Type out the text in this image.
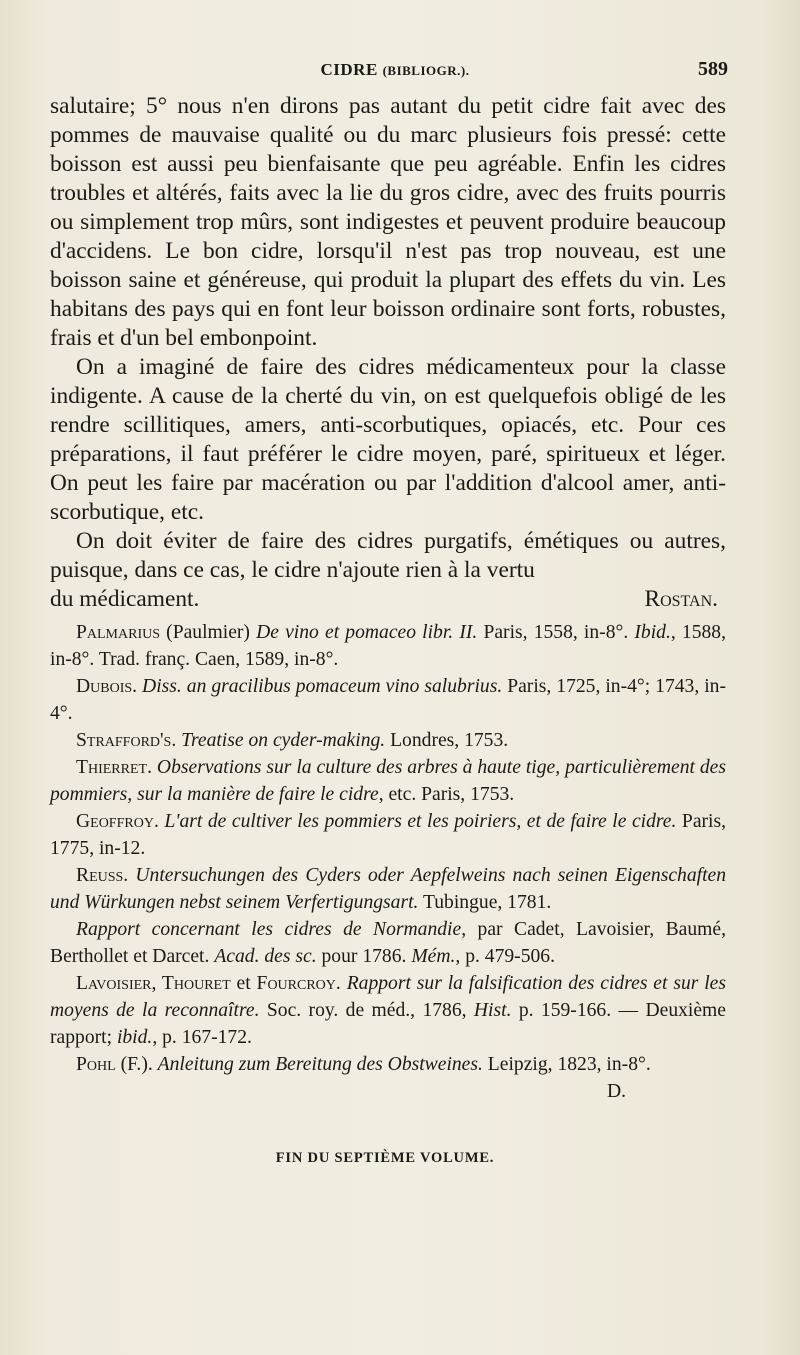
CIDRE (BIBLIOGR.).	589

salutaire; 5° nous n'en dirons pas autant du petit cidre fait avec des pommes de mauvaise qualité ou du marc plusieurs fois pressé: cette boisson est aussi peu bienfaisante que peu agréable. Enfin les cidres troubles et altérés, faits avec la lie du gros cidre, avec des fruits pourris ou simplement trop mûrs, sont indigestes et peuvent produire beaucoup d'accidens. Le bon cidre, lorsqu'il n'est pas trop nouveau, est une boisson saine et généreuse, qui produit la plupart des effets du vin. Les habitans des pays qui en font leur boisson ordinaire sont forts, robustes, frais et d'un bel embonpoint.

On a imaginé de faire des cidres médicamenteux pour la classe indigente. A cause de la cherté du vin, on est quelquefois obligé de les rendre scillitiques, amers, anti-scorbutiques, opiacés, etc. Pour ces préparations, il faut préférer le cidre moyen, paré, spiritueux et léger. On peut les faire par macération ou par l'addition d'alcool amer, anti-scorbutique, etc.

On doit éviter de faire des cidres purgatifs, émétiques ou autres, puisque, dans ce cas, le cidre n'ajoute rien à la vertu

du médicament.	Rostan.

Palmarius (Paulmier) De vino et pomaceo libr. II. Paris, 1558, in-8°. Ibid., 1588, in-8°. Trad. franç. Caen, 1589, in-8°.

Dubois. Diss. an gracilibus pomaceum vino salubrius. Paris, 1725, in-4°; 1743, in-4°.

Strafford's. Treatise on cyder-making. Londres, 1753.

Thierret. Observations sur la culture des arbres à haute tige, particulièrement des pommiers, sur la manière de faire le cidre, etc. Paris, 1753.

Geoffroy. L'art de cultiver les pommiers et les poiriers, et de faire le cidre. Paris, 1775, in-12.

Reuss. Untersuchungen des Cyders oder Aepfelweins nach seinen Eigenschaften und Würkungen nebst seinem Verfertigungsart. Tubingue, 1781.

Rapport concernant les cidres de Normandie, par Cadet, Lavoisier, Baumé, Berthollet et Darcet. Acad. des sc. pour 1786. Mém., p. 479-506.

Lavoisier, Thouret et Fourcroy. Rapport sur la falsification des cidres et sur les moyens de la reconnaître. Soc. roy. de méd., 1786, Hist. p. 159-166. — Deuxième rapport; ibid., p. 167-172.

Pohl (F.). Anleitung zum Bereitung des Obstweines. Leipzig, 1823, in-8°.
D.

FIN DU SEPTIÈME VOLUME.
